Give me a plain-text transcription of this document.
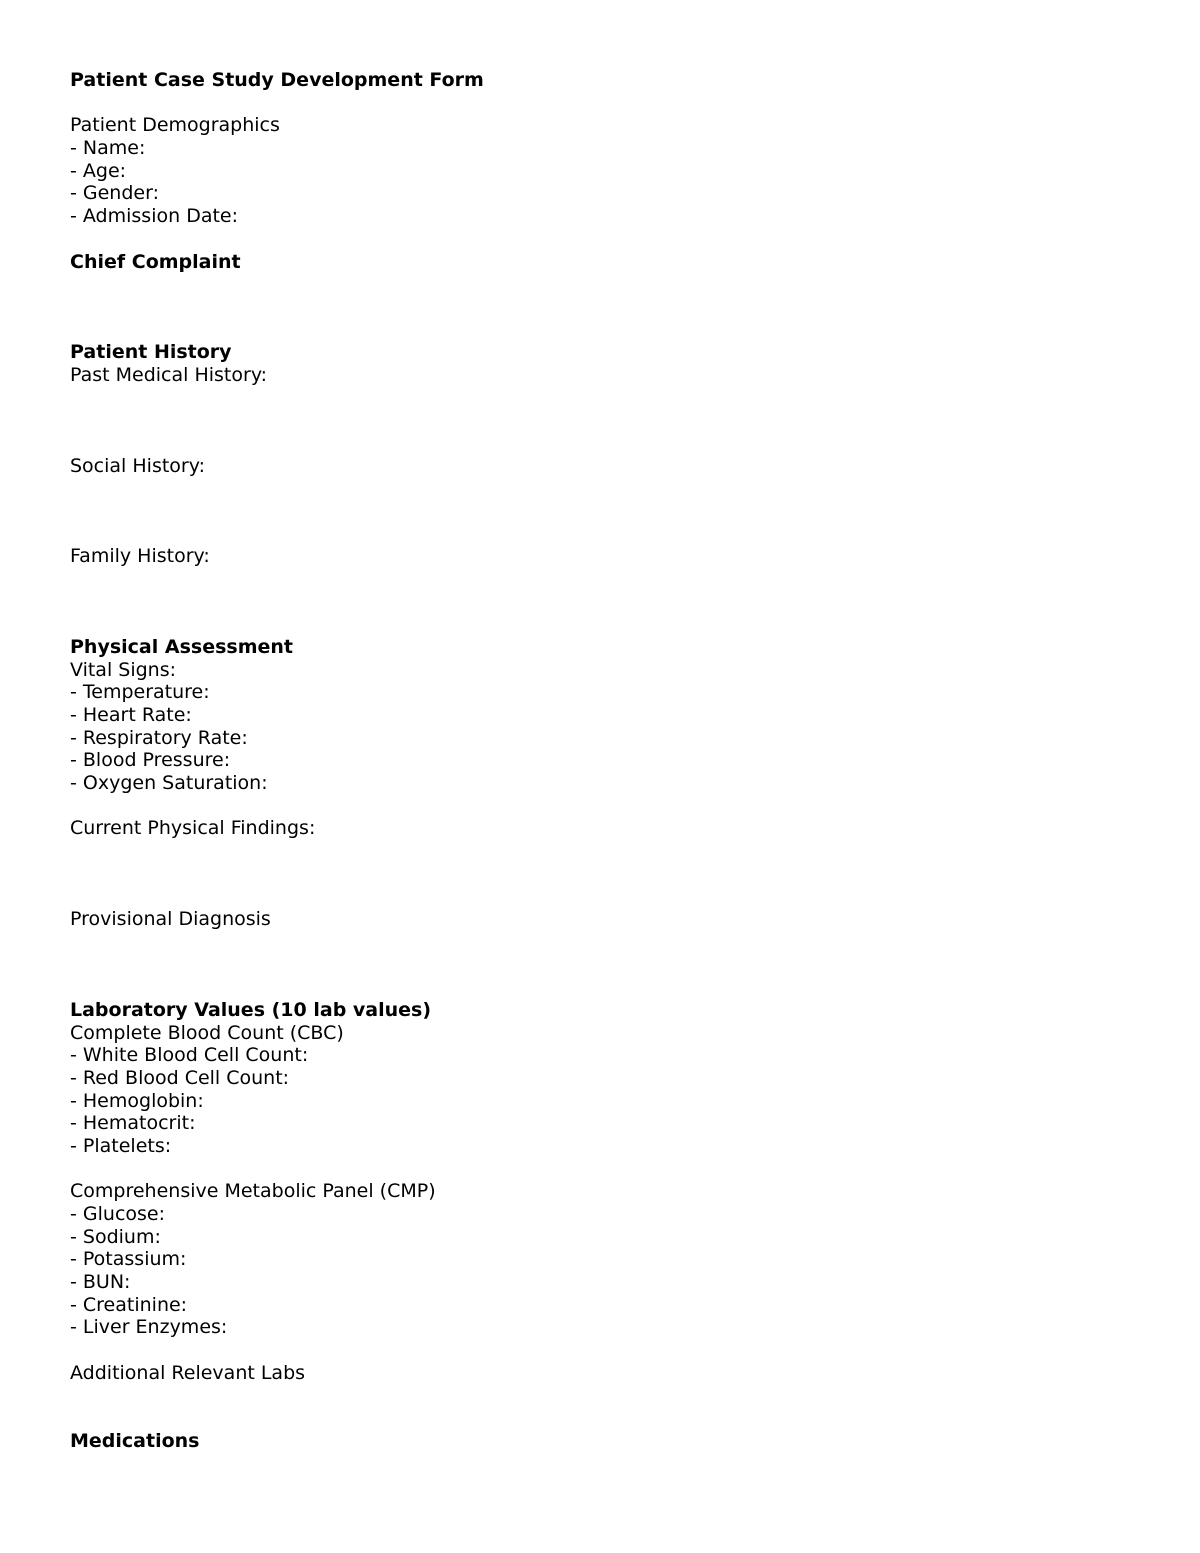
Patient Case Study Development Form
Patient Demographics
- Name:
- Age:
- Gender:
- Admission Date:
Chief Complaint
Patient History
Past Medical History:
Social History:
Family History:
Physical Assessment
Vital Signs:
- Temperature:
- Heart Rate:
- Respiratory Rate:
- Blood Pressure:
- Oxygen Saturation:
Current Physical Findings:
Provisional Diagnosis
Laboratory Values (10 lab values)
Complete Blood Count (CBC)
- White Blood Cell Count:
- Red Blood Cell Count:
- Hemoglobin:
- Hematocrit:
- Platelets:
Comprehensive Metabolic Panel (CMP)
- Glucose:
- Sodium:
- Potassium:
- BUN:
- Creatinine:
- Liver Enzymes:
Additional Relevant Labs
Medications
